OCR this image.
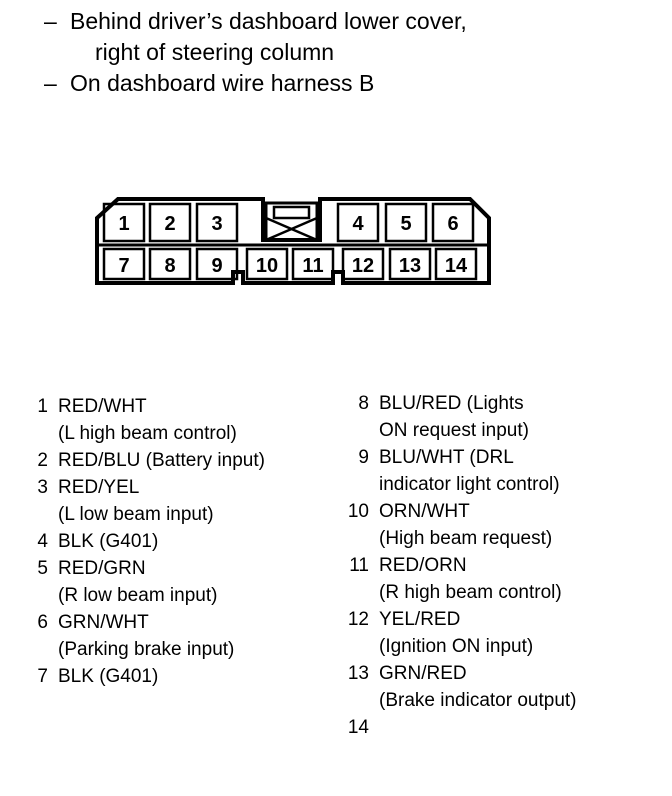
– Behind driver’s dashboard lower cover,
right of steering column
– On dashboard wire harness B
1 2 3	4 5 6
7 8 9 10 11 12 13 14
1 RED/WHT
(L high beam control)
2 RED/BLU (Battery input)
3 RED/YEL
(L low beam input)
4 BLK (G401)
5 RED/GRN
(R low beam input)
6 GRN/WHT
(Parking brake input)
7 BLK (G401)
8 BLU/RED (Lights
ON request input)
9 BLU/WHT (DRL
indicator light control)
10 ORN/WHT
(High beam request)
11 RED/ORN
(R high beam control)
12 YEL/RED
(Ignition ON input)
13 GRN/RED
(Brake indicator output)
14
